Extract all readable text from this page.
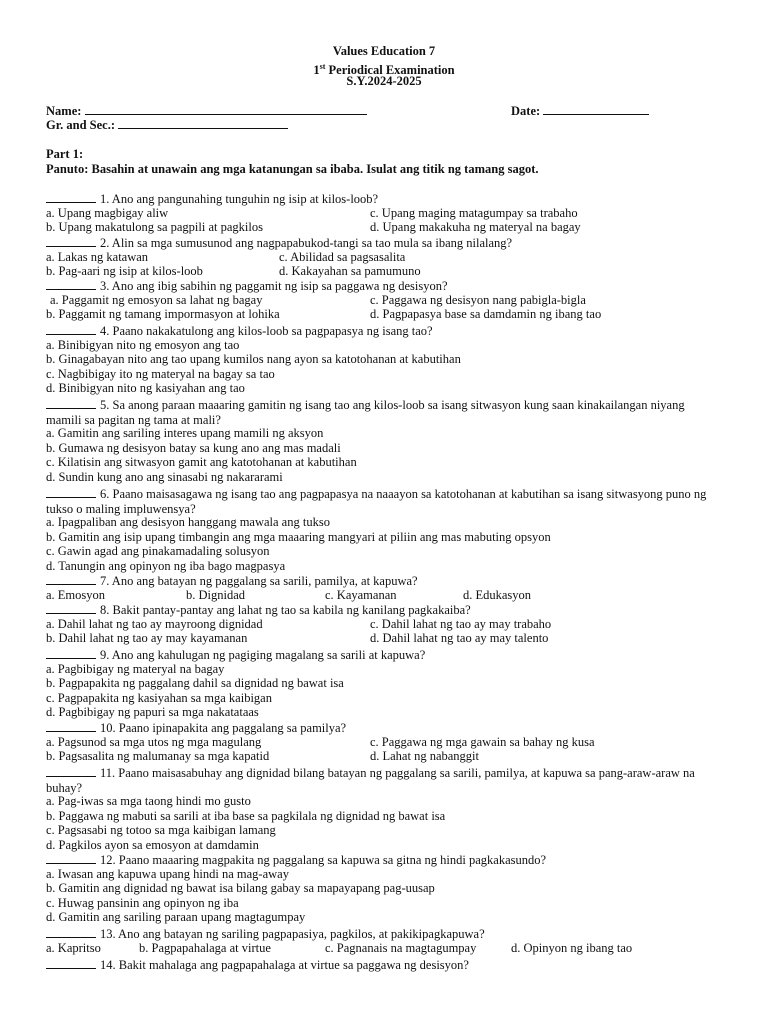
Values Education 7
1st Periodical Examination
S.Y.2024-2025
Name:	Date:
Gr. and Sec.:
Part 1:
Panuto: Basahin at unawain ang mga katanungan sa ibaba. Isulat ang titik ng tamang sagot.
1. Ano ang pangunahing tunguhin ng isip at kilos-loob?
a. Upang magbigay aliw	c. Upang maging matagumpay sa trabaho
b. Upang makatulong sa pagpili at pagkilos	d. Upang makakuha ng materyal na bagay
2. Alin sa mga sumusunod ang nagpapabukod-tangi sa tao mula sa ibang nilalang?
a. Lakas ng katawan	c. Abilidad sa pagsasalita
b. Pag-aari ng isip at kilos-loob	d. Kakayahan sa pamumuno
3. Ano ang ibig sabihin ng paggamit ng isip sa paggawa ng desisyon?
a. Paggamit ng emosyon sa lahat ng bagay	c. Paggawa ng desisyon nang pabigla-bigla
b. Paggamit ng tamang impormasyon at lohika	d. Pagpapasya base sa damdamin ng ibang tao
4. Paano nakakatulong ang kilos-loob sa pagpapasya ng isang tao?
a. Binibigyan nito ng emosyon ang tao
b. Ginagabayan nito ang tao upang kumilos nang ayon sa katotohanan at kabutihan
c. Nagbibigay ito ng materyal na bagay sa tao
d. Binibigyan nito ng kasiyahan ang tao
5. Sa anong paraan maaaring gamitin ng isang tao ang kilos-loob sa isang sitwasyon kung saan kinakailangan niyang mamili sa pagitan ng tama at mali?
a. Gamitin ang sariling interes upang mamili ng aksyon
b. Gumawa ng desisyon batay sa kung ano ang mas madali
c. Kilatisin ang sitwasyon gamit ang katotohanan at kabutihan
d. Sundin kung ano ang sinasabi ng nakararami
6. Paano maisasagawa ng isang tao ang pagpapasya na naaayon sa katotohanan at kabutihan sa isang sitwasyong puno ng tukso o maling impluwensya?
a. Ipagpaliban ang desisyon hanggang mawala ang tukso
b. Gamitin ang isip upang timbangin ang mga maaaring mangyari at piliin ang mas mabuting opsyon
c. Gawin agad ang pinakamadaling solusyon
d. Tanungin ang opinyon ng iba bago magpasya
7. Ano ang batayan ng paggalang sa sarili, pamilya, at kapuwa?
a. Emosyon	b. Dignidad	c. Kayamanan	d. Edukasyon
8. Bakit pantay-pantay ang lahat ng tao sa kabila ng kanilang pagkakaiba?
a. Dahil lahat ng tao ay mayroong dignidad	c. Dahil lahat ng tao ay may trabaho
b. Dahil lahat ng tao ay may kayamanan	d. Dahil lahat ng tao ay may talento
9. Ano ang kahulugan ng pagiging magalang sa sarili at kapuwa?
a. Pagbibigay ng materyal na bagay
b. Pagpapakita ng paggalang dahil sa dignidad ng bawat isa
c. Pagpapakita ng kasiyahan sa mga kaibigan
d. Pagbibigay ng papuri sa mga nakatataas
10. Paano ipinapakita ang paggalang sa pamilya?
a. Pagsunod sa mga utos ng mga magulang	c. Paggawa ng mga gawain sa bahay ng kusa
b. Pagsasalita ng malumanay sa mga kapatid	d. Lahat ng nabanggit
11. Paano maisasabuhay ang dignidad bilang batayan ng paggalang sa sarili, pamilya, at kapuwa sa pang-araw-araw na buhay?
a. Pag-iwas sa mga taong hindi mo gusto
b. Paggawa ng mabuti sa sarili at iba base sa pagkilala ng dignidad ng bawat isa
c. Pagsasabi ng totoo sa mga kaibigan lamang
d. Pagkilos ayon sa emosyon at damdamin
12. Paano maaaring magpakita ng paggalang sa kapuwa sa gitna ng hindi pagkakasundo?
a. Iwasan ang kapuwa upang hindi na mag-away
b. Gamitin ang dignidad ng bawat isa bilang gabay sa mapayapang pag-uusap
c. Huwag pansinin ang opinyon ng iba
d. Gamitin ang sariling paraan upang magtagumpay
13. Ano ang batayan ng sariling pagpapasiya, pagkilos, at pakikipagkapuwa?
a. Kapritso	b. Pagpapahalaga at virtue	c. Pagnanais na magtagumpay	d. Opinyon ng ibang tao
14. Bakit mahalaga ang pagpapahalaga at virtue sa paggawa ng desisyon?
